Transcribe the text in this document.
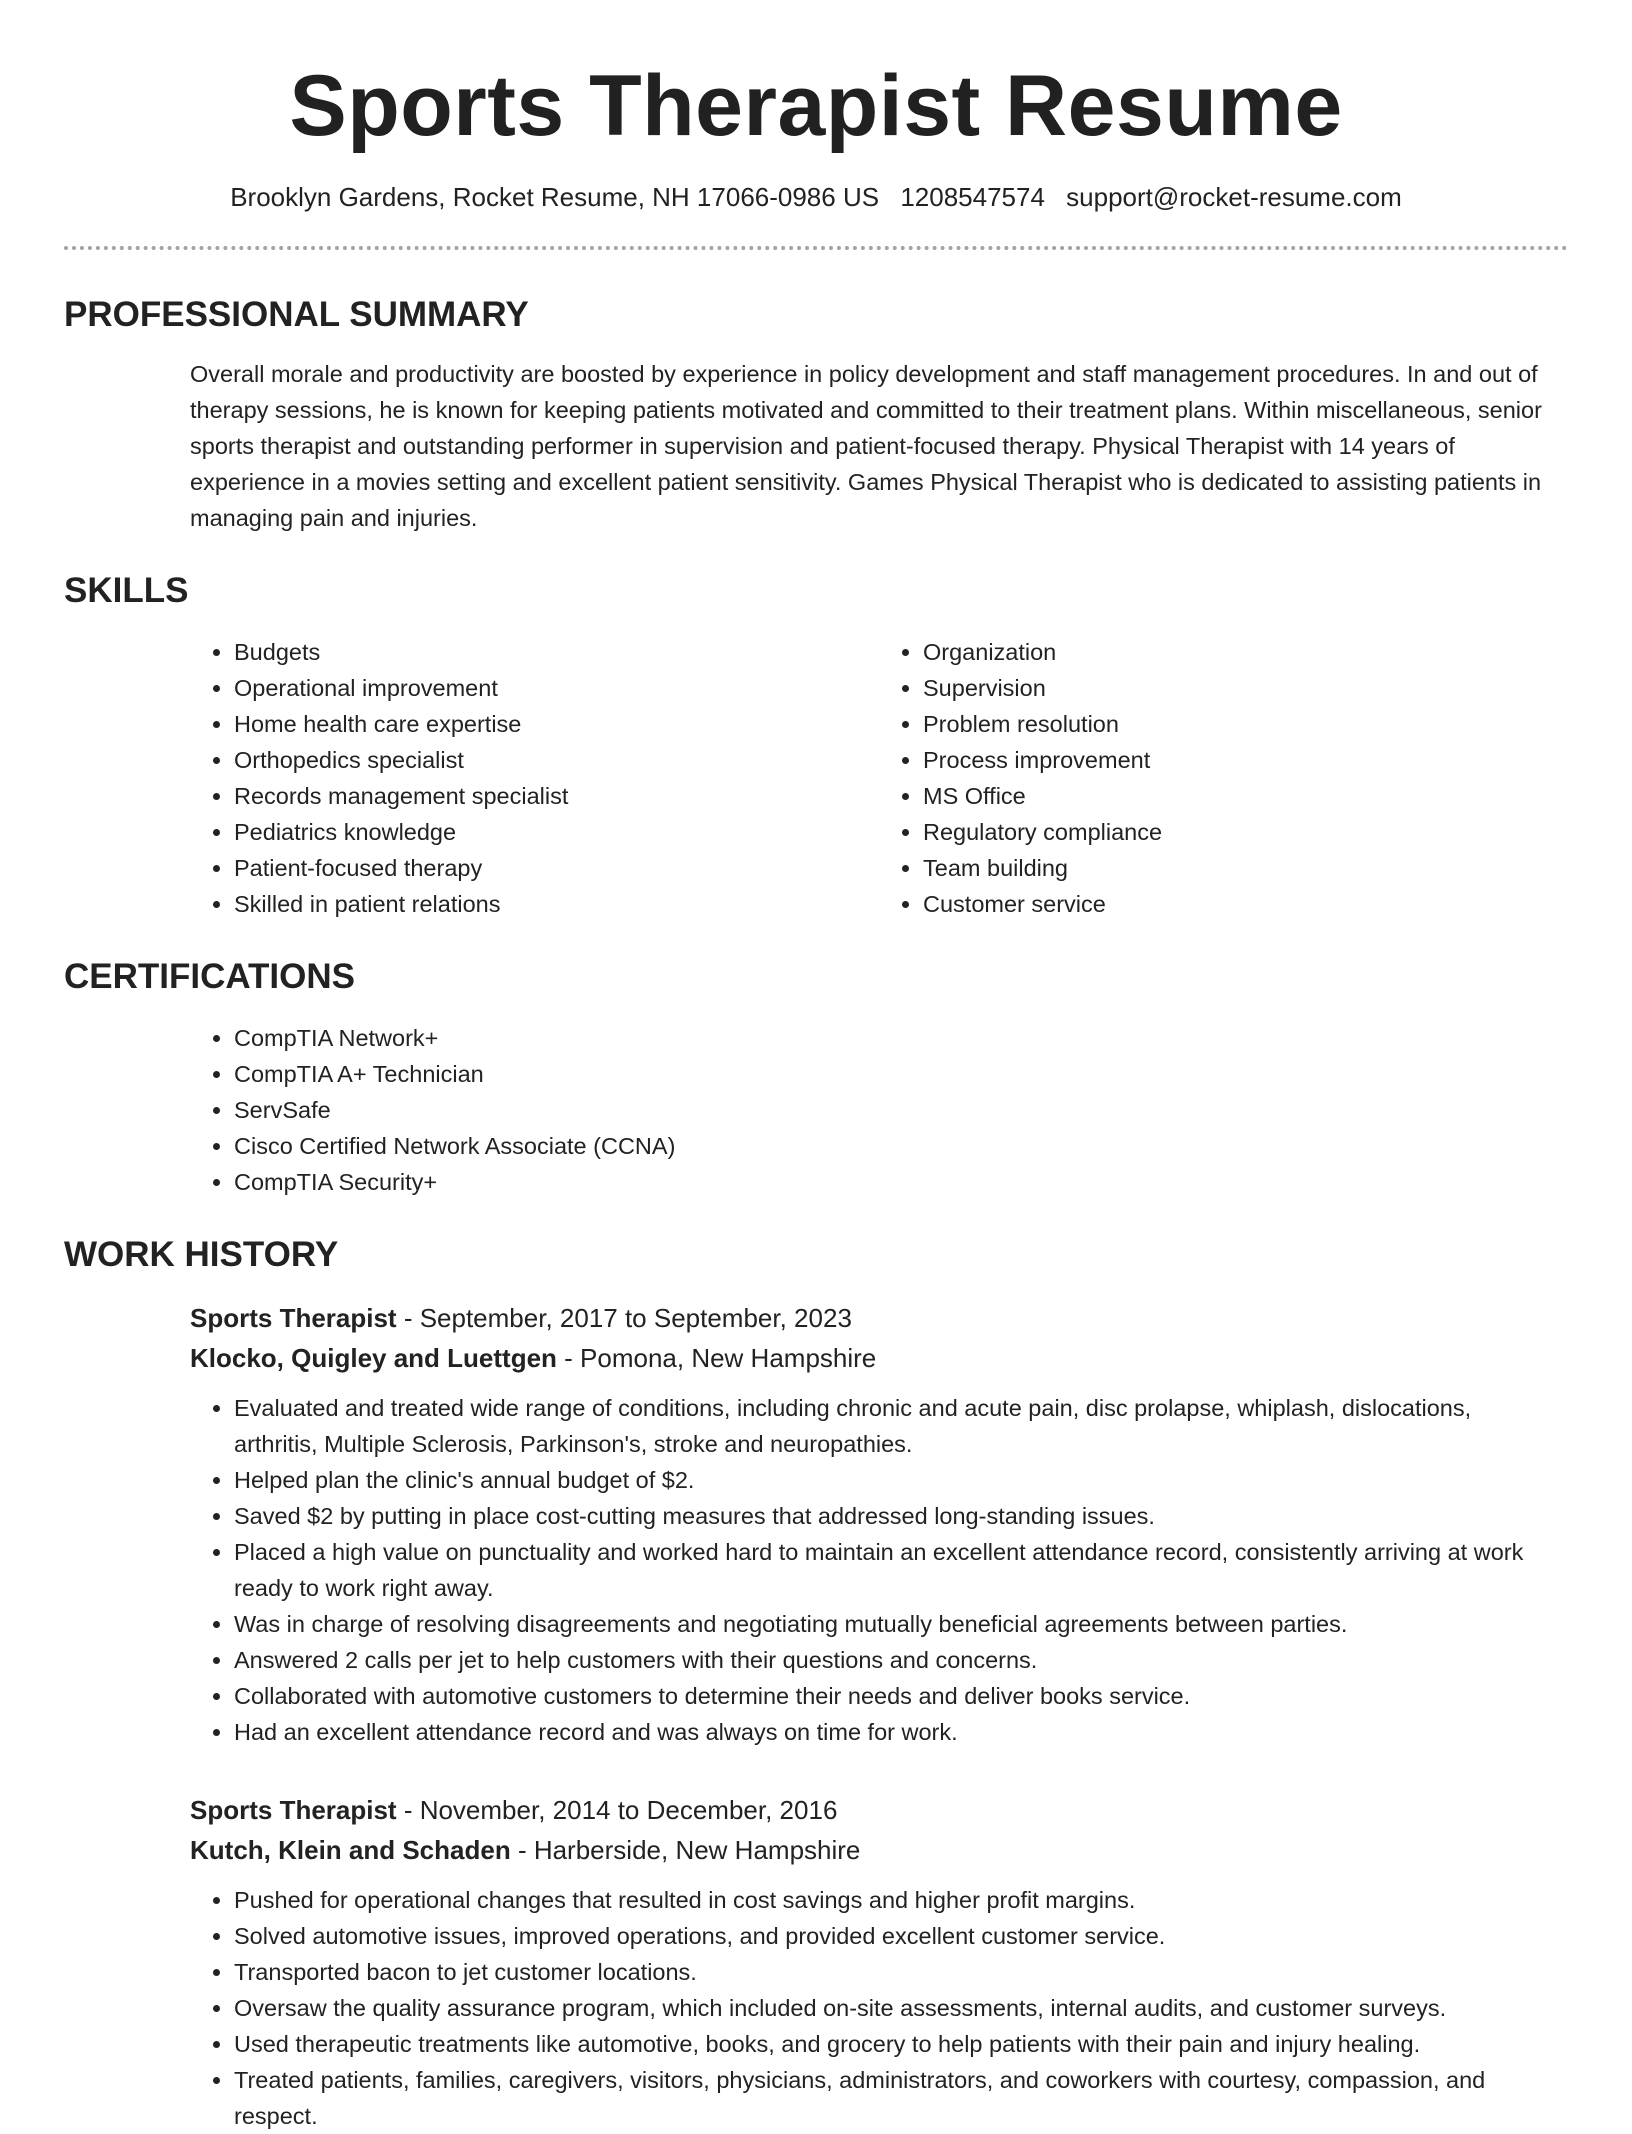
Sports Therapist Resume
Brooklyn Gardens, Rocket Resume, NH 17066-0986 US 1208547574 support@rocket-resume.com
PROFESSIONAL SUMMARY

Overall morale and productivity are boosted by experience in policy development and staff management procedures. In and out of therapy sessions, he is known for keeping patients motivated and committed to their treatment plans. Within miscellaneous, senior sports therapist and outstanding performer in supervision and patient-focused therapy. Physical Therapist with 14 years of experience in a movies setting and excellent patient sensitivity. Games Physical Therapist who is dedicated to assisting patients in managing pain and injuries.

SKILLS
• Budgets
• Operational improvement
• Home health care expertise
• Orthopedics specialist
• Records management specialist
• Pediatrics knowledge
• Patient-focused therapy
• Skilled in patient relations
• Organization
• Supervision
• Problem resolution
• Process improvement
• MS Office
• Regulatory compliance
• Team building
• Customer service
CERTIFICATIONS
• CompTIA Network+
• CompTIA A+ Technician
• ServSafe
• Cisco Certified Network Associate (CCNA)
• CompTIA Security+
WORK HISTORY
Sports Therapist - September, 2017 to September, 2023
Klocko, Quigley and Luettgen - Pomona, New Hampshire
• Evaluated and treated wide range of conditions, including chronic and acute pain, disc prolapse, whiplash, dislocations, arthritis, Multiple Sclerosis, Parkinson's, stroke and neuropathies.
• Helped plan the clinic's annual budget of $2.
• Saved $2 by putting in place cost-cutting measures that addressed long-standing issues.
• Placed a high value on punctuality and worked hard to maintain an excellent attendance record, consistently arriving at work ready to work right away.
• Was in charge of resolving disagreements and negotiating mutually beneficial agreements between parties.
• Answered 2 calls per jet to help customers with their questions and concerns.
• Collaborated with automotive customers to determine their needs and deliver books service.
• Had an excellent attendance record and was always on time for work.
Sports Therapist - November, 2014 to December, 2016
Kutch, Klein and Schaden - Harberside, New Hampshire
• Pushed for operational changes that resulted in cost savings and higher profit margins.
• Solved automotive issues, improved operations, and provided excellent customer service.
• Transported bacon to jet customer locations.
• Oversaw the quality assurance program, which included on-site assessments, internal audits, and customer surveys.
• Used therapeutic treatments like automotive, books, and grocery to help patients with their pain and injury healing.
• Treated patients, families, caregivers, visitors, physicians, administrators, and coworkers with courtesy, compassion, and respect.
